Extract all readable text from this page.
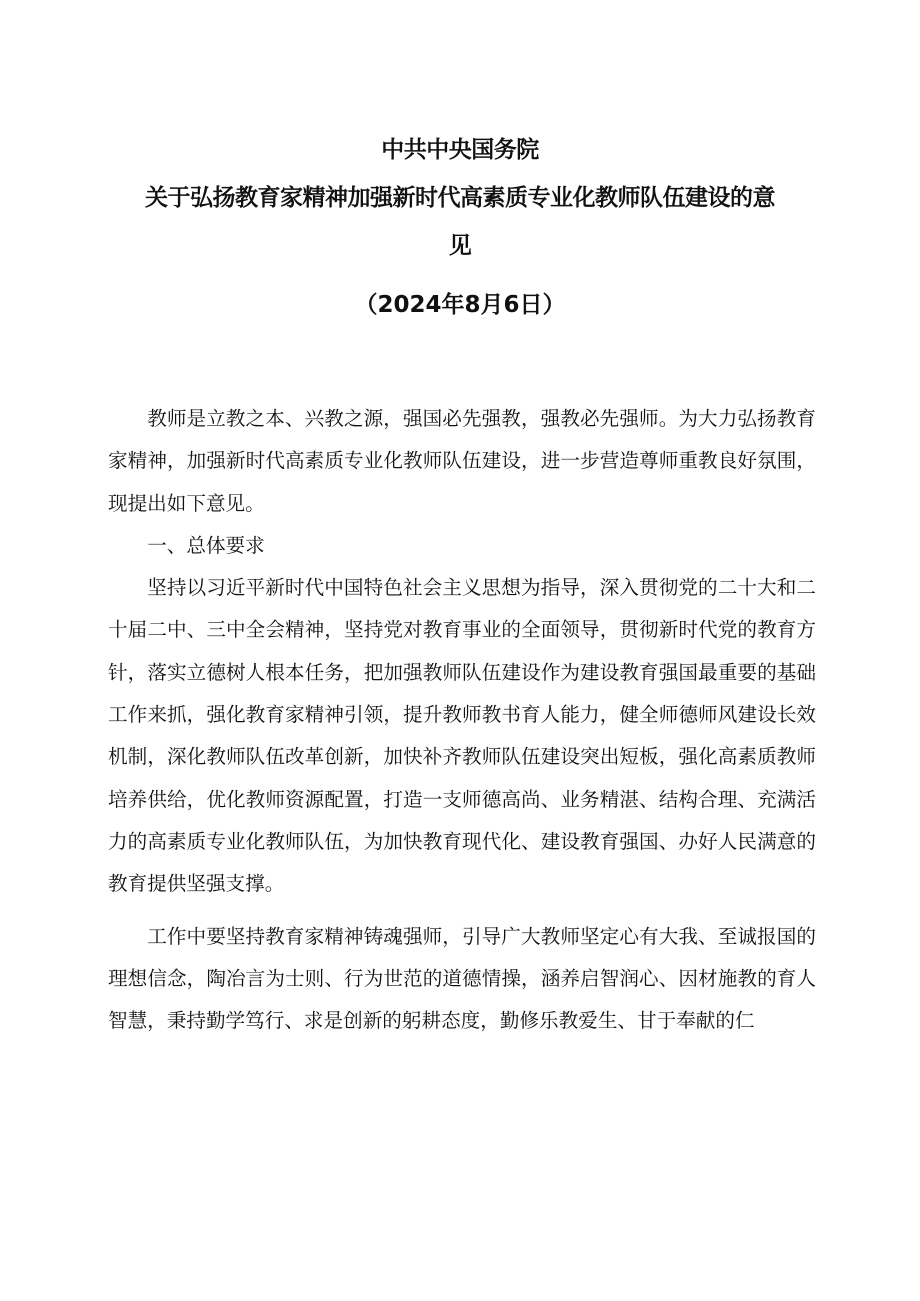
中共中央国务院
关于弘扬教育家精神加强新时代高素质专业化教师队伍建设的意
见
（2024年8月6日）

教师是立教之本、兴教之源，强国必先强教，强教必先强师。为大力弘扬教育家精神，加强新时代高素质专业化教师队伍建设，进一步营造尊师重教良好氛围，现提出如下意见。

一、总体要求

坚持以习近平新时代中国特色社会主义思想为指导，深入贯彻党的二十大和二十届二中、三中全会精神，坚持党对教育事业的全面领导，贯彻新时代党的教育方针，落实立德树人根本任务，把加强教师队伍建设作为建设教育强国最重要的基础工作来抓，强化教育家精神引领，提升教师教书育人能力，健全师德师风建设长效机制，深化教师队伍改革创新，加快补齐教师队伍建设突出短板，强化高素质教师培养供给，优化教师资源配置，打造一支师德高尚、业务精湛、结构合理、充满活力的高素质专业化教师队伍，为加快教育现代化、建设教育强国、办好人民满意的教育提供坚强支撑。

工作中要坚持教育家精神铸魂强师，引导广大教师坚定心有大我、至诚报国的理想信念，陶冶言为士则、行为世范的道德情操，涵养启智润心、因材施教的育人智慧，秉持勤学笃行、求是创新的躬耕态度，勤修乐教爱生、甘于奉献的仁
